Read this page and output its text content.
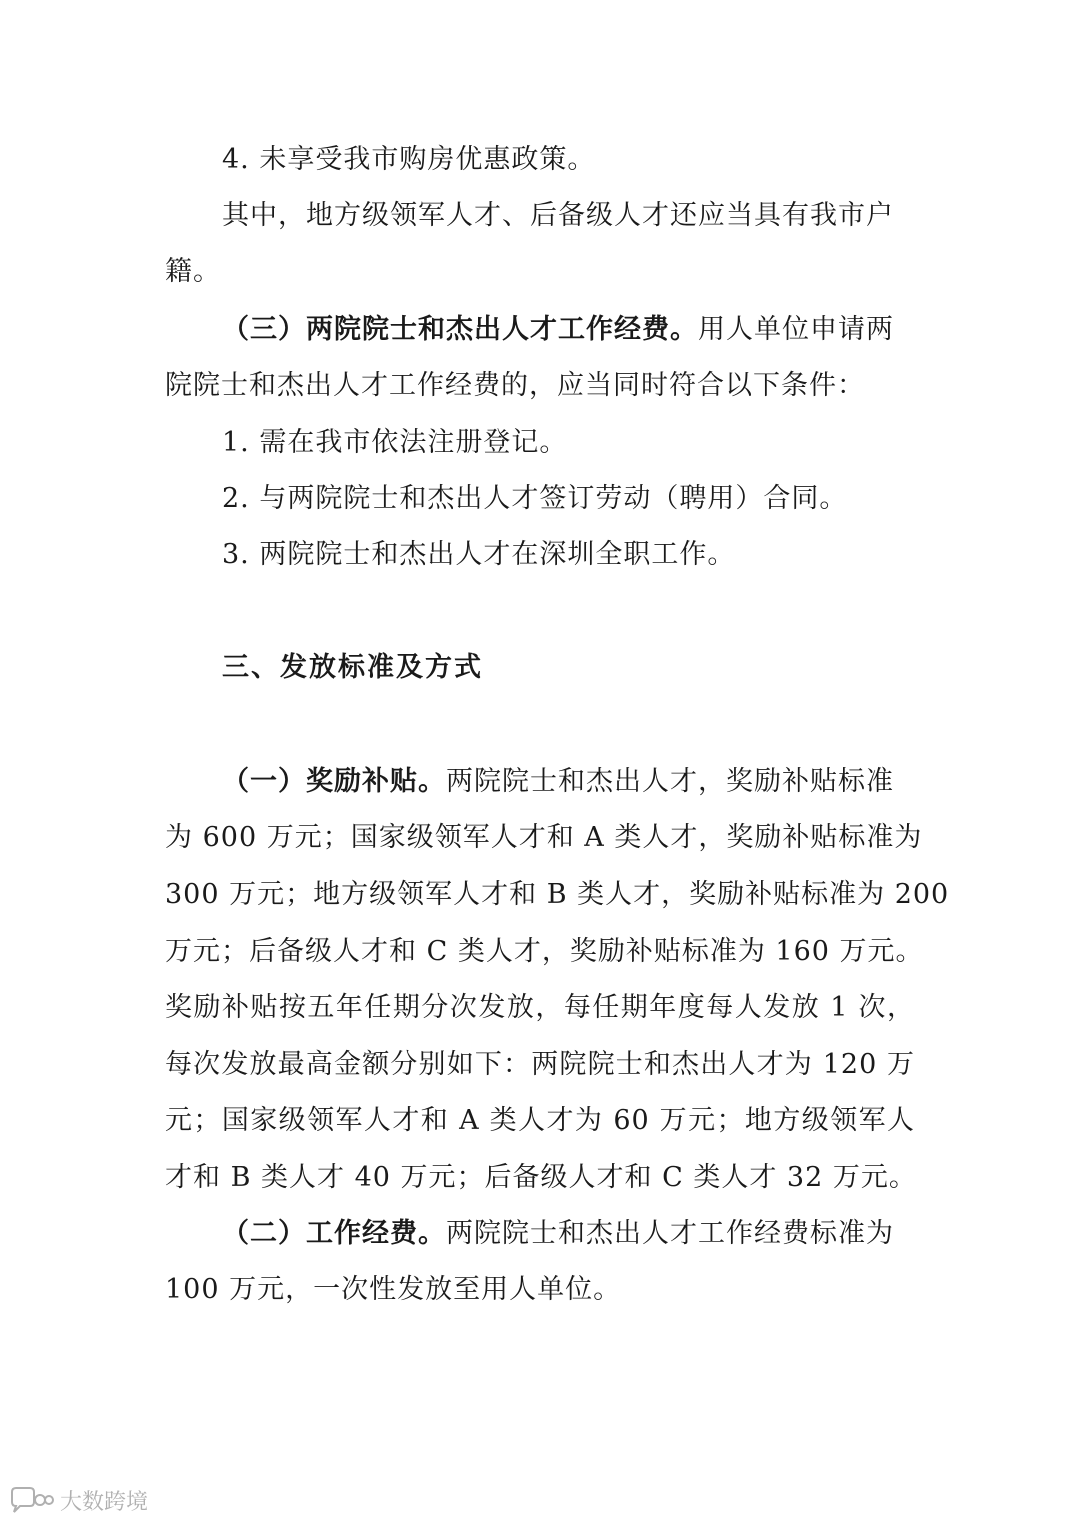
4. 未享受我市购房优惠政策。
其中，地方级领军人才、后备级人才还应当具有我市户
籍。
（三）两院院士和杰出人才工作经费。用人单位申请两
院院士和杰出人才工作经费的，应当同时符合以下条件：
1. 需在我市依法注册登记。
2. 与两院院士和杰出人才签订劳动（聘用）合同。
3. 两院院士和杰出人才在深圳全职工作。
三、发放标准及方式
（一）奖励补贴。两院院士和杰出人才，奖励补贴标准
为 600 万元；国家级领军人才和 A 类人才，奖励补贴标准为
300 万元；地方级领军人才和 B 类人才，奖励补贴标准为 200
万元；后备级人才和 C 类人才，奖励补贴标准为 160 万元。
奖励补贴按五年任期分次发放，每任期年度每人发放 1 次，
每次发放最高金额分别如下：两院院士和杰出人才为 120 万
元；国家级领军人才和 A 类人才为 60 万元；地方级领军人
才和 B 类人才 40 万元；后备级人才和 C 类人才 32 万元。
（二）工作经费。两院院士和杰出人才工作经费标准为
100 万元，一次性发放至用人单位。
大数跨境
